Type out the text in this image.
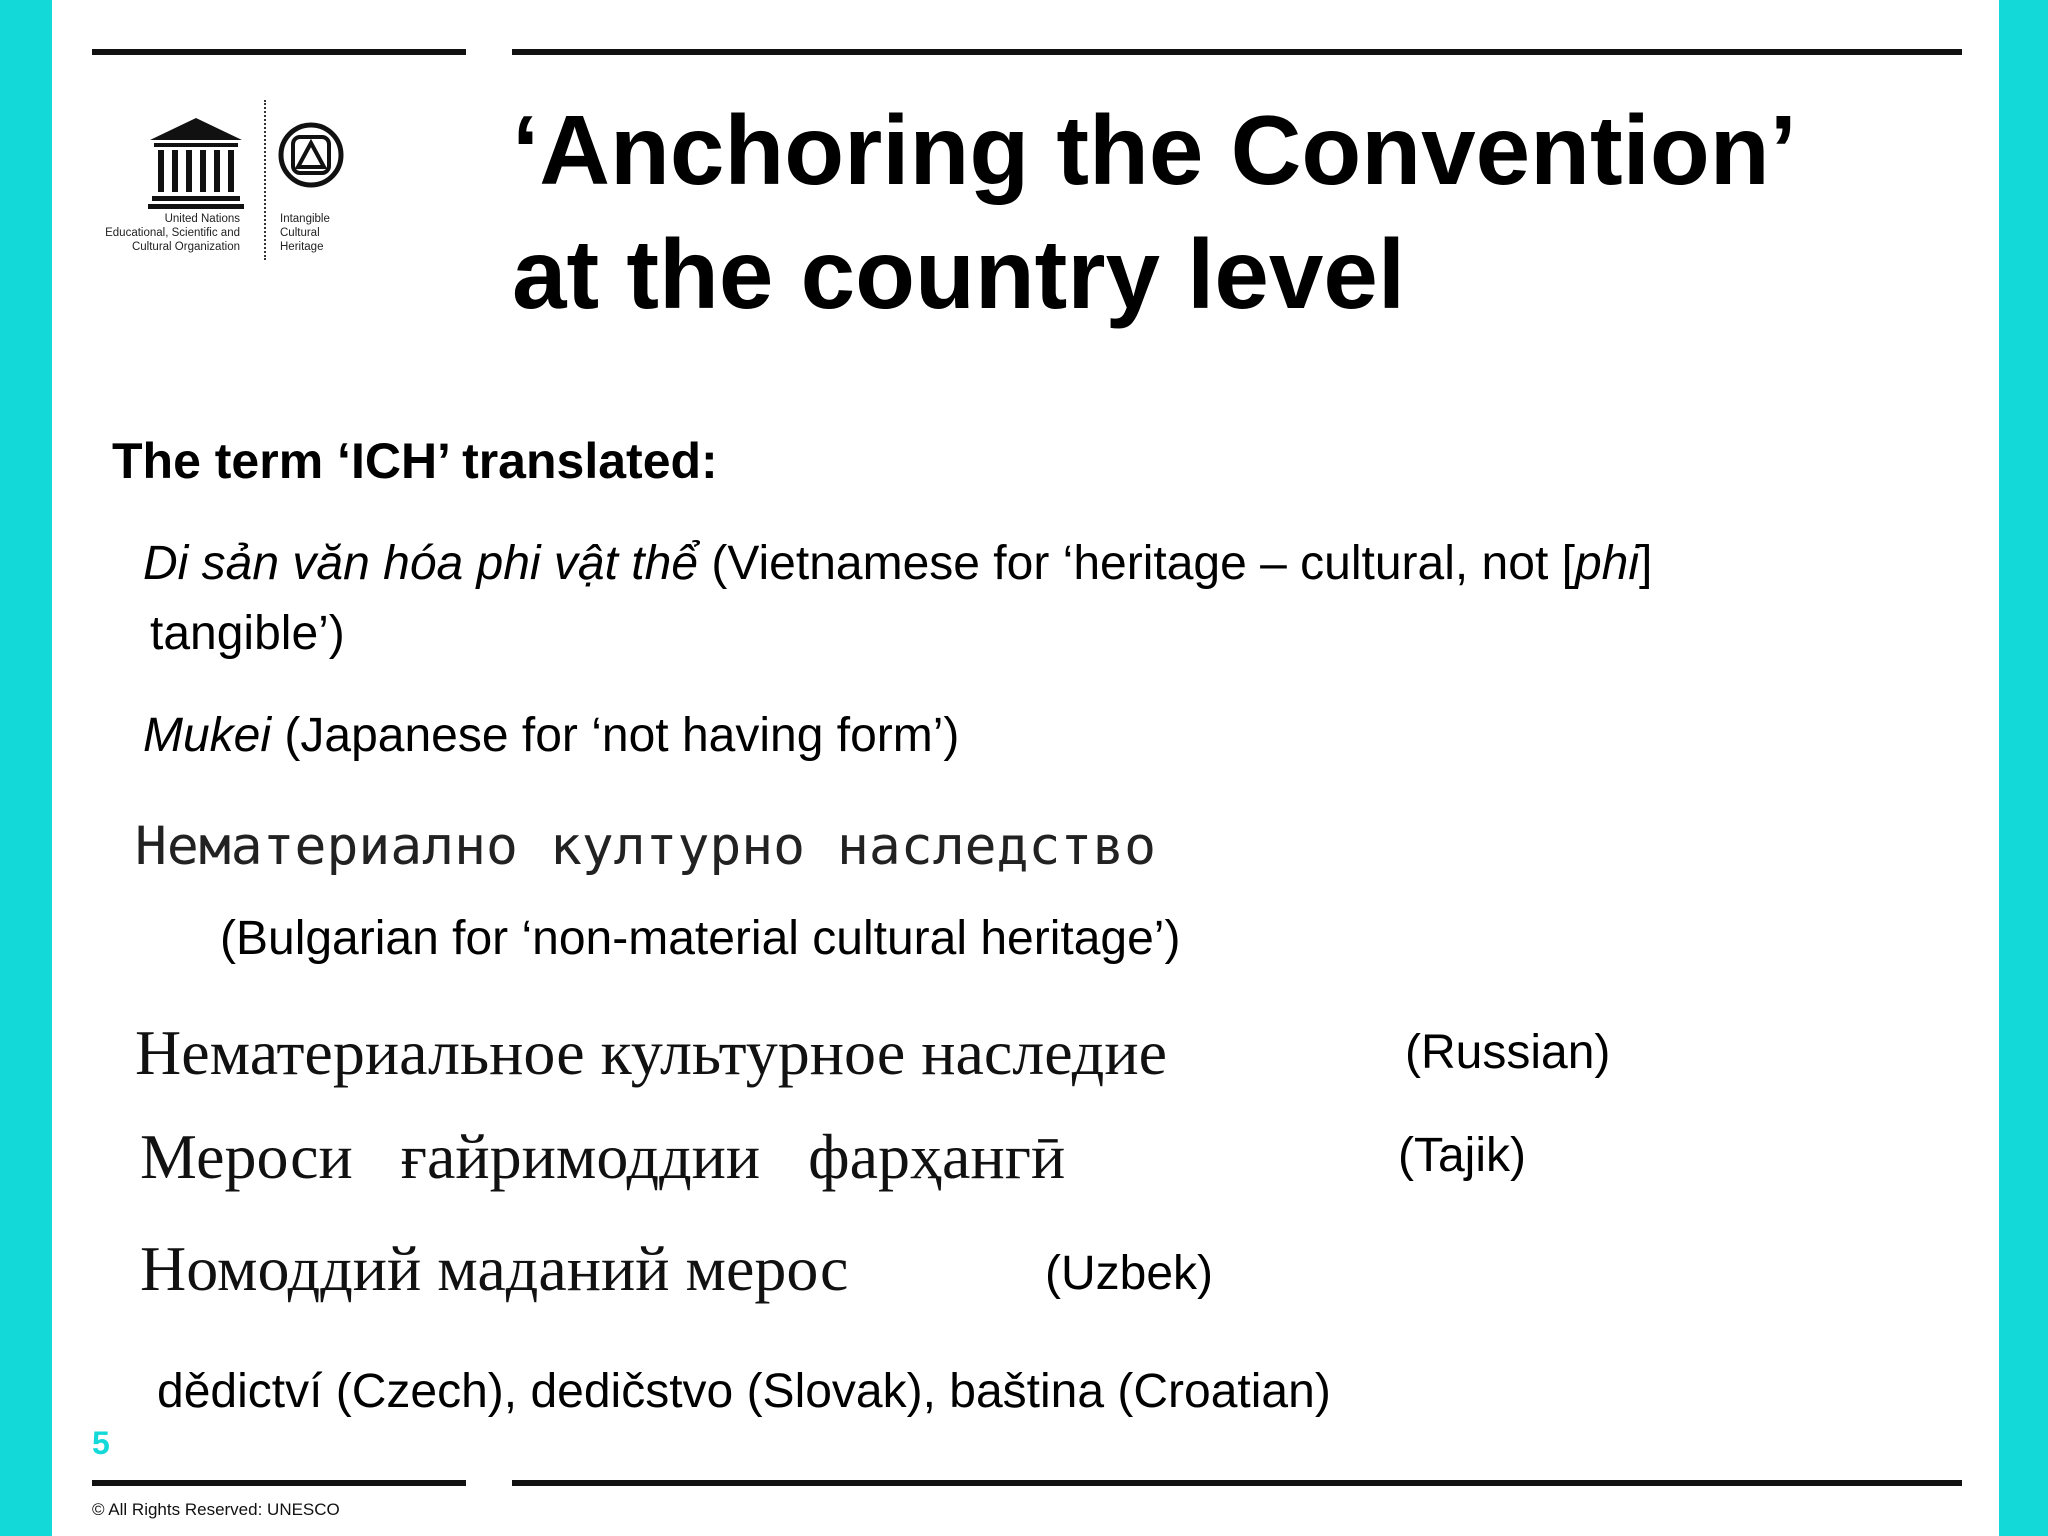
United Nations
Educational, Scientific and
Cultural Organization
Intangible
Cultural
Heritage
‘Anchoring the Convention’
at the country level
The term ‘ICH’ translated:
Di sản văn hóa phi vật thể (Vietnamese for ‘heritage – cultural, not [phi]
tangible’)
Mukei (Japanese for ‘not having form’)
Нематериално културно наследство
(Bulgarian for ‘non-material cultural heritage’)
Нематериальное культурное наследие	(Russian)
Мероси ғайримоддии фарҳангӣ	(Tajik)
Номоддий маданий мерос	(Uzbek)
dědictví (Czech), dedičstvo (Slovak), baština (Croatian)
5
© All Rights Reserved: UNESCO
